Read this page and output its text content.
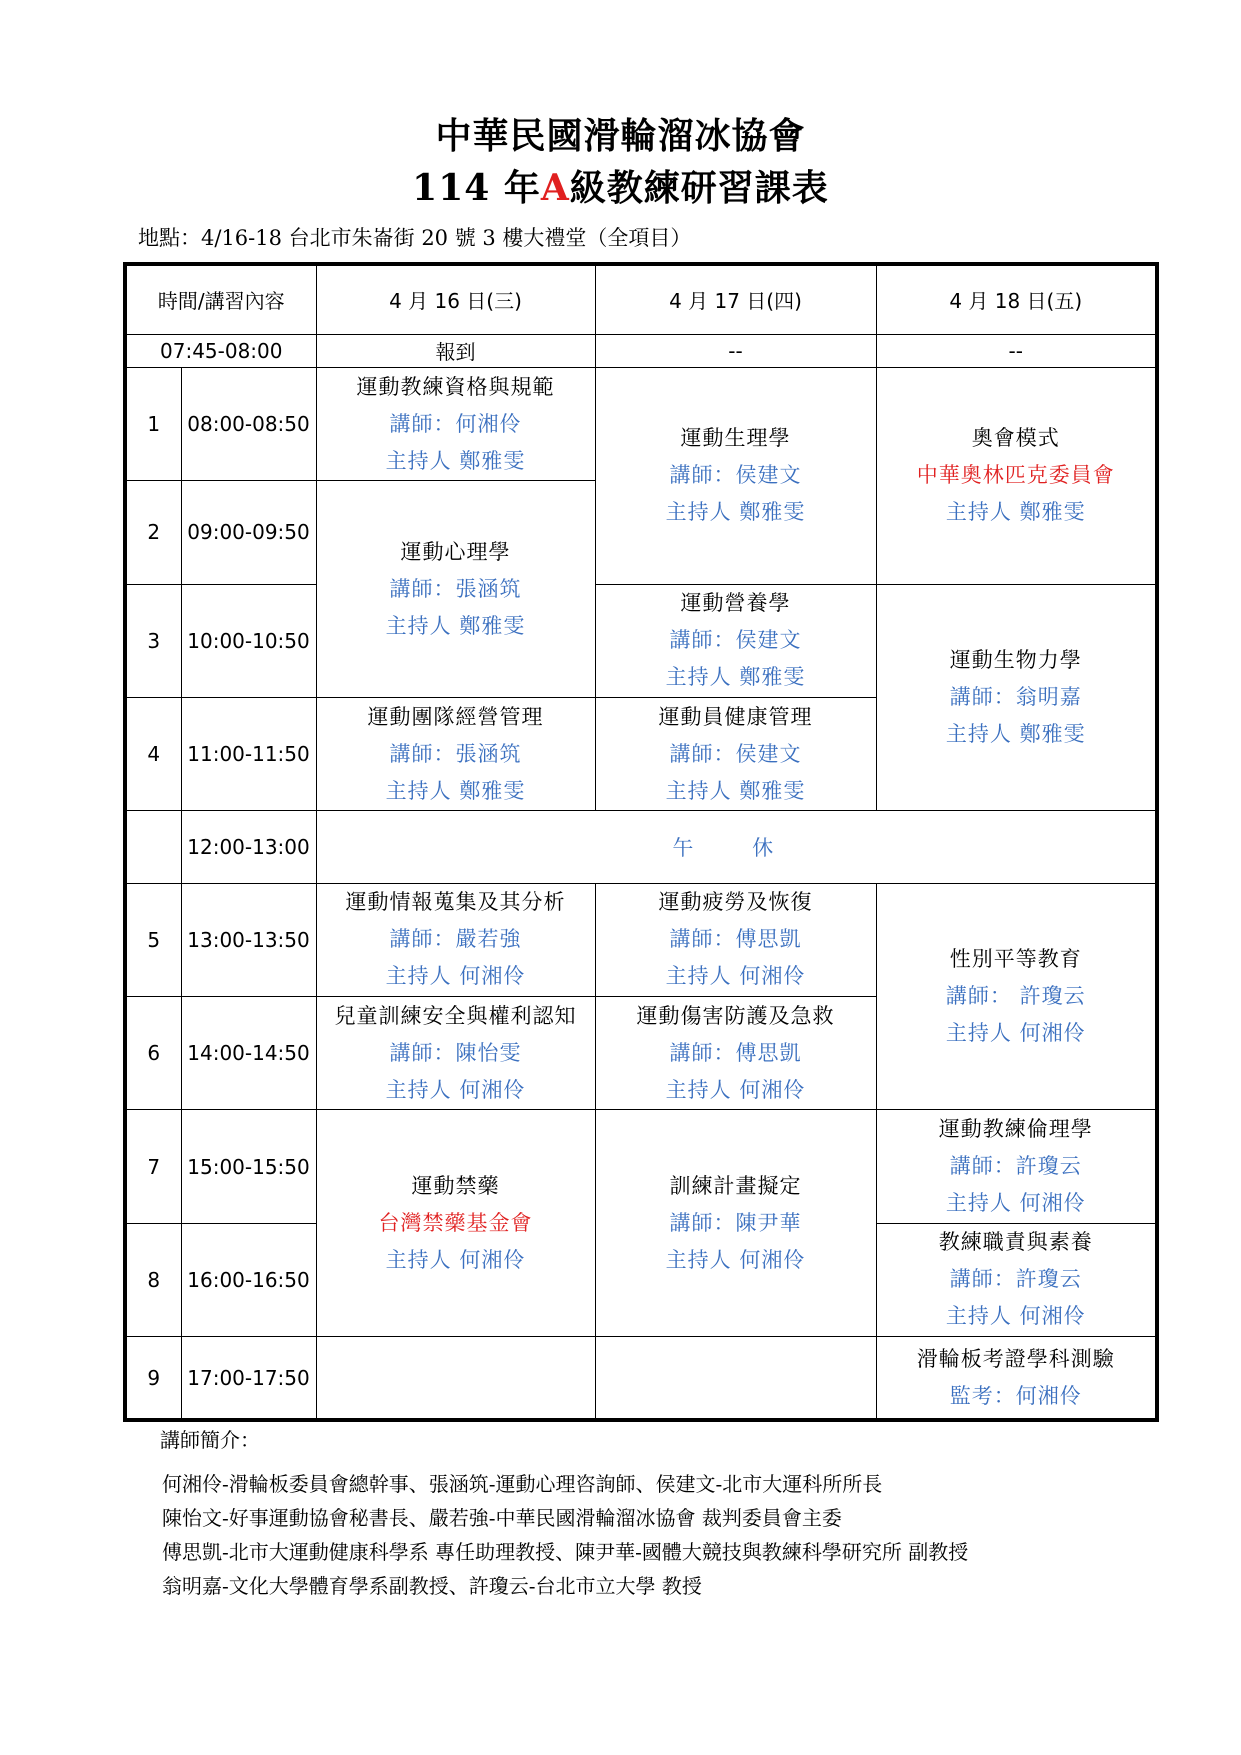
中華民國滑輪溜冰協會
114 年A級教練研習課表
地點：4/16-18 台北市朱崙街 20 號 3 樓大禮堂（全項目）
時間/講習內容		4 月 16 日(三)	4 月 17 日(四)	4 月 18 日(五)
07:45-08:00		報到	--	--
1	08:00-08:50	運動教練資格與規範
講師：何湘伶
主持人 鄭雅雯	運動生理學
講師：侯建文
主持人 鄭雅雯	奧會模式
中華奧林匹克委員會
主持人 鄭雅雯

2	09:00-09:50	運動心理學
講師：張涵筑
主持人 鄭雅雯		

3	10:00-10:50		運動營養學
講師：侯建文
主持人 鄭雅雯	運動生物力學
講師：翁明嘉
主持人 鄭雅雯

4	11:00-11:50	運動團隊經營管理
講師：張涵筑
主持人 鄭雅雯	運動員健康管理
講師：侯建文
主持人 鄭雅雯	

	12:00-13:00	午 休		
5	13:00-13:50	運動情報蒐集及其分析
講師：嚴若強
主持人 何湘伶	運動疲勞及恢復
講師：傅思凱
主持人 何湘伶	性別平等教育
講師： 許瓊云
主持人 何湘伶

6	14:00-14:50	兒童訓練安全與權利認知
講師：陳怡雯
主持人 何湘伶	運動傷害防護及急救
講師：傅思凱
主持人 何湘伶	

7	15:00-15:50	運動禁藥
台灣禁藥基金會
主持人 何湘伶	訓練計畫擬定
講師：陳尹華
主持人 何湘伶	運動教練倫理學
講師：許瓊云
主持人 何湘伶

8	16:00-16:50			教練職責與素養
講師：許瓊云
主持人 何湘伶

9	17:00-17:50			滑輪板考證學科測驗
監考：何湘伶
講師簡介：
何湘伶-滑輪板委員會總幹事、張涵筑-運動心理咨詢師、侯建文-北市大運科所所長
陳怡文-好事運動協會秘書長、嚴若強-中華民國滑輪溜冰協會 裁判委員會主委
傅思凱-北市大運動健康科學系 專任助理教授、陳尹華-國體大競技與教練科學研究所 副教授
翁明嘉-文化大學體育學系副教授、許瓊云-台北市立大學 教授
